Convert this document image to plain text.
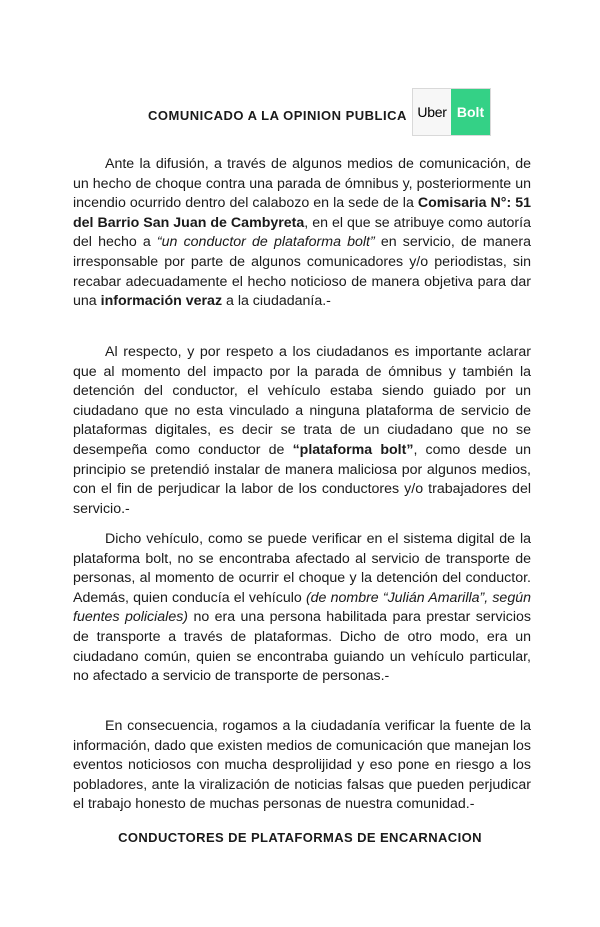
COMUNICADO A LA OPINION PUBLICA Uber Bolt

Ante la difusión, a través de algunos medios de comunicación, de un hecho de choque contra una parada de ómnibus y, posteriormente un incendio ocurrido dentro del calabozo en la sede de la Comisaria N°: 51 del Barrio San Juan de Cambyreta, en el que se atribuye como autoría del hecho a “un conductor de plataforma bolt” en servicio, de manera irresponsable por parte de algunos comunicadores y/o periodistas, sin recabar adecuadamente el hecho noticioso de manera objetiva para dar una información veraz a la ciudadanía.-

Al respecto, y por respeto a los ciudadanos es importante aclarar que al momento del impacto por la parada de ómnibus y también la detención del conductor, el vehículo estaba siendo guiado por un ciudadano que no esta vinculado a ninguna plataforma de servicio de plataformas digitales, es decir se trata de un ciudadano que no se desempeña como conductor de “plataforma bolt”, como desde un principio se pretendió instalar de manera maliciosa por algunos medios, con el fin de perjudicar la labor de los conductores y/o trabajadores del servicio.-

Dicho vehículo, como se puede verificar en el sistema digital de la plataforma bolt, no se encontraba afectado al servicio de transporte de personas, al momento de ocurrir el choque y la detención del conductor. Además, quien conducía el vehículo (de nombre “Julián Amarilla”, según fuentes policiales) no era una persona habilitada para prestar servicios de transporte a través de plataformas. Dicho de otro modo, era un ciudadano común, quien se encontraba guiando un vehículo particular, no afectado a servicio de transporte de personas.-

En consecuencia, rogamos a la ciudadanía verificar la fuente de la información, dado que existen medios de comunicación que manejan los eventos noticiosos con mucha desprolijidad y eso pone en riesgo a los pobladores, ante la viralización de noticias falsas que pueden perjudicar el trabajo honesto de muchas personas de nuestra comunidad.-

CONDUCTORES DE PLATAFORMAS DE ENCARNACION
